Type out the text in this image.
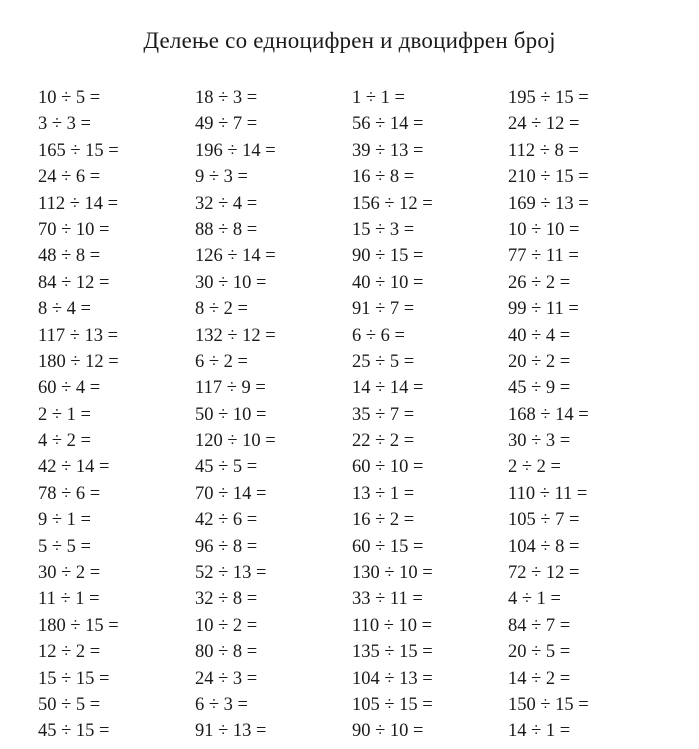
Делење со едноцифрен и двоцифрен број
10 ÷ 5 =
3 ÷ 3 =
165 ÷ 15 =
24 ÷ 6 =
112 ÷ 14 =
70 ÷ 10 =
48 ÷ 8 =
84 ÷ 12 =
8 ÷ 4 =
117 ÷ 13 =
180 ÷ 12 =
60 ÷ 4 =
2 ÷ 1 =
4 ÷ 2 =
42 ÷ 14 =
78 ÷ 6 =
9 ÷ 1 =
5 ÷ 5 =
30 ÷ 2 =
11 ÷ 1 =
180 ÷ 15 =
12 ÷ 2 =
15 ÷ 15 =
50 ÷ 5 =
45 ÷ 15 =
18 ÷ 3 =
49 ÷ 7 =
196 ÷ 14 =
9 ÷ 3 =
32 ÷ 4 =
88 ÷ 8 =
126 ÷ 14 =
30 ÷ 10 =
8 ÷ 2 =
132 ÷ 12 =
6 ÷ 2 =
117 ÷ 9 =
50 ÷ 10 =
120 ÷ 10 =
45 ÷ 5 =
70 ÷ 14 =
42 ÷ 6 =
96 ÷ 8 =
52 ÷ 13 =
32 ÷ 8 =
10 ÷ 2 =
80 ÷ 8 =
24 ÷ 3 =
6 ÷ 3 =
91 ÷ 13 =
1 ÷ 1 =
56 ÷ 14 =
39 ÷ 13 =
16 ÷ 8 =
156 ÷ 12 =
15 ÷ 3 =
90 ÷ 15 =
40 ÷ 10 =
91 ÷ 7 =
6 ÷ 6 =
25 ÷ 5 =
14 ÷ 14 =
35 ÷ 7 =
22 ÷ 2 =
60 ÷ 10 =
13 ÷ 1 =
16 ÷ 2 =
60 ÷ 15 =
130 ÷ 10 =
33 ÷ 11 =
110 ÷ 10 =
135 ÷ 15 =
104 ÷ 13 =
105 ÷ 15 =
90 ÷ 10 =
195 ÷ 15 =
24 ÷ 12 =
112 ÷ 8 =
210 ÷ 15 =
169 ÷ 13 =
10 ÷ 10 =
77 ÷ 11 =
26 ÷ 2 =
99 ÷ 11 =
40 ÷ 4 =
20 ÷ 2 =
45 ÷ 9 =
168 ÷ 14 =
30 ÷ 3 =
2 ÷ 2 =
110 ÷ 11 =
105 ÷ 7 =
104 ÷ 8 =
72 ÷ 12 =
4 ÷ 1 =
84 ÷ 7 =
20 ÷ 5 =
14 ÷ 2 =
150 ÷ 15 =
14 ÷ 1 =
